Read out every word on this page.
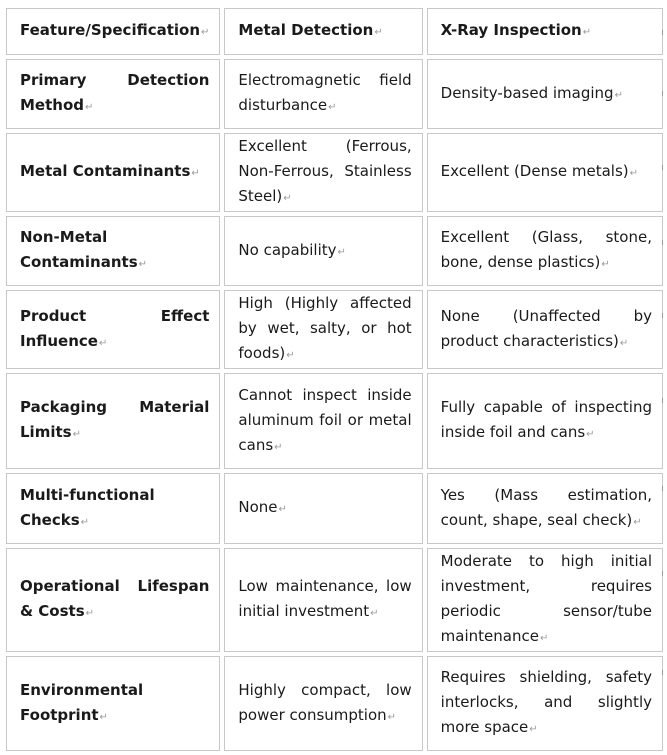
Feature/Specification ↵	Metal Detection ↵	X-Ray Inspection ↵
Primary Detection Method ↵	Electromagnetic field disturbance ↵	Density-based imaging ↵
Metal Contaminants ↵	Excellent (Ferrous, Non-Ferrous, Stainless Steel) ↵	Excellent (Dense metals) ↵
Non-Metal Contaminants ↵	No capability ↵	Excellent (Glass, stone, bone, dense plastics) ↵
Product Effect Influence ↵	High (Highly affected by wet, salty, or hot foods) ↵	None (Unaffected by product characteristics) ↵
Packaging Material Limits ↵	Cannot inspect inside aluminum foil or metal cans ↵	Fully capable of inspecting inside foil and cans ↵
Multi-functional Checks ↵	None ↵	Yes (Mass estimation, count, shape, seal check) ↵
Operational Lifespan & Costs ↵	Low maintenance, low initial investment ↵	Moderate to high initial investment, requires periodic sensor/tube maintenance ↵
Environmental Footprint ↵	Highly compact, low power consumption ↵	Requires shielding, safety interlocks, and slightly more space ↵
